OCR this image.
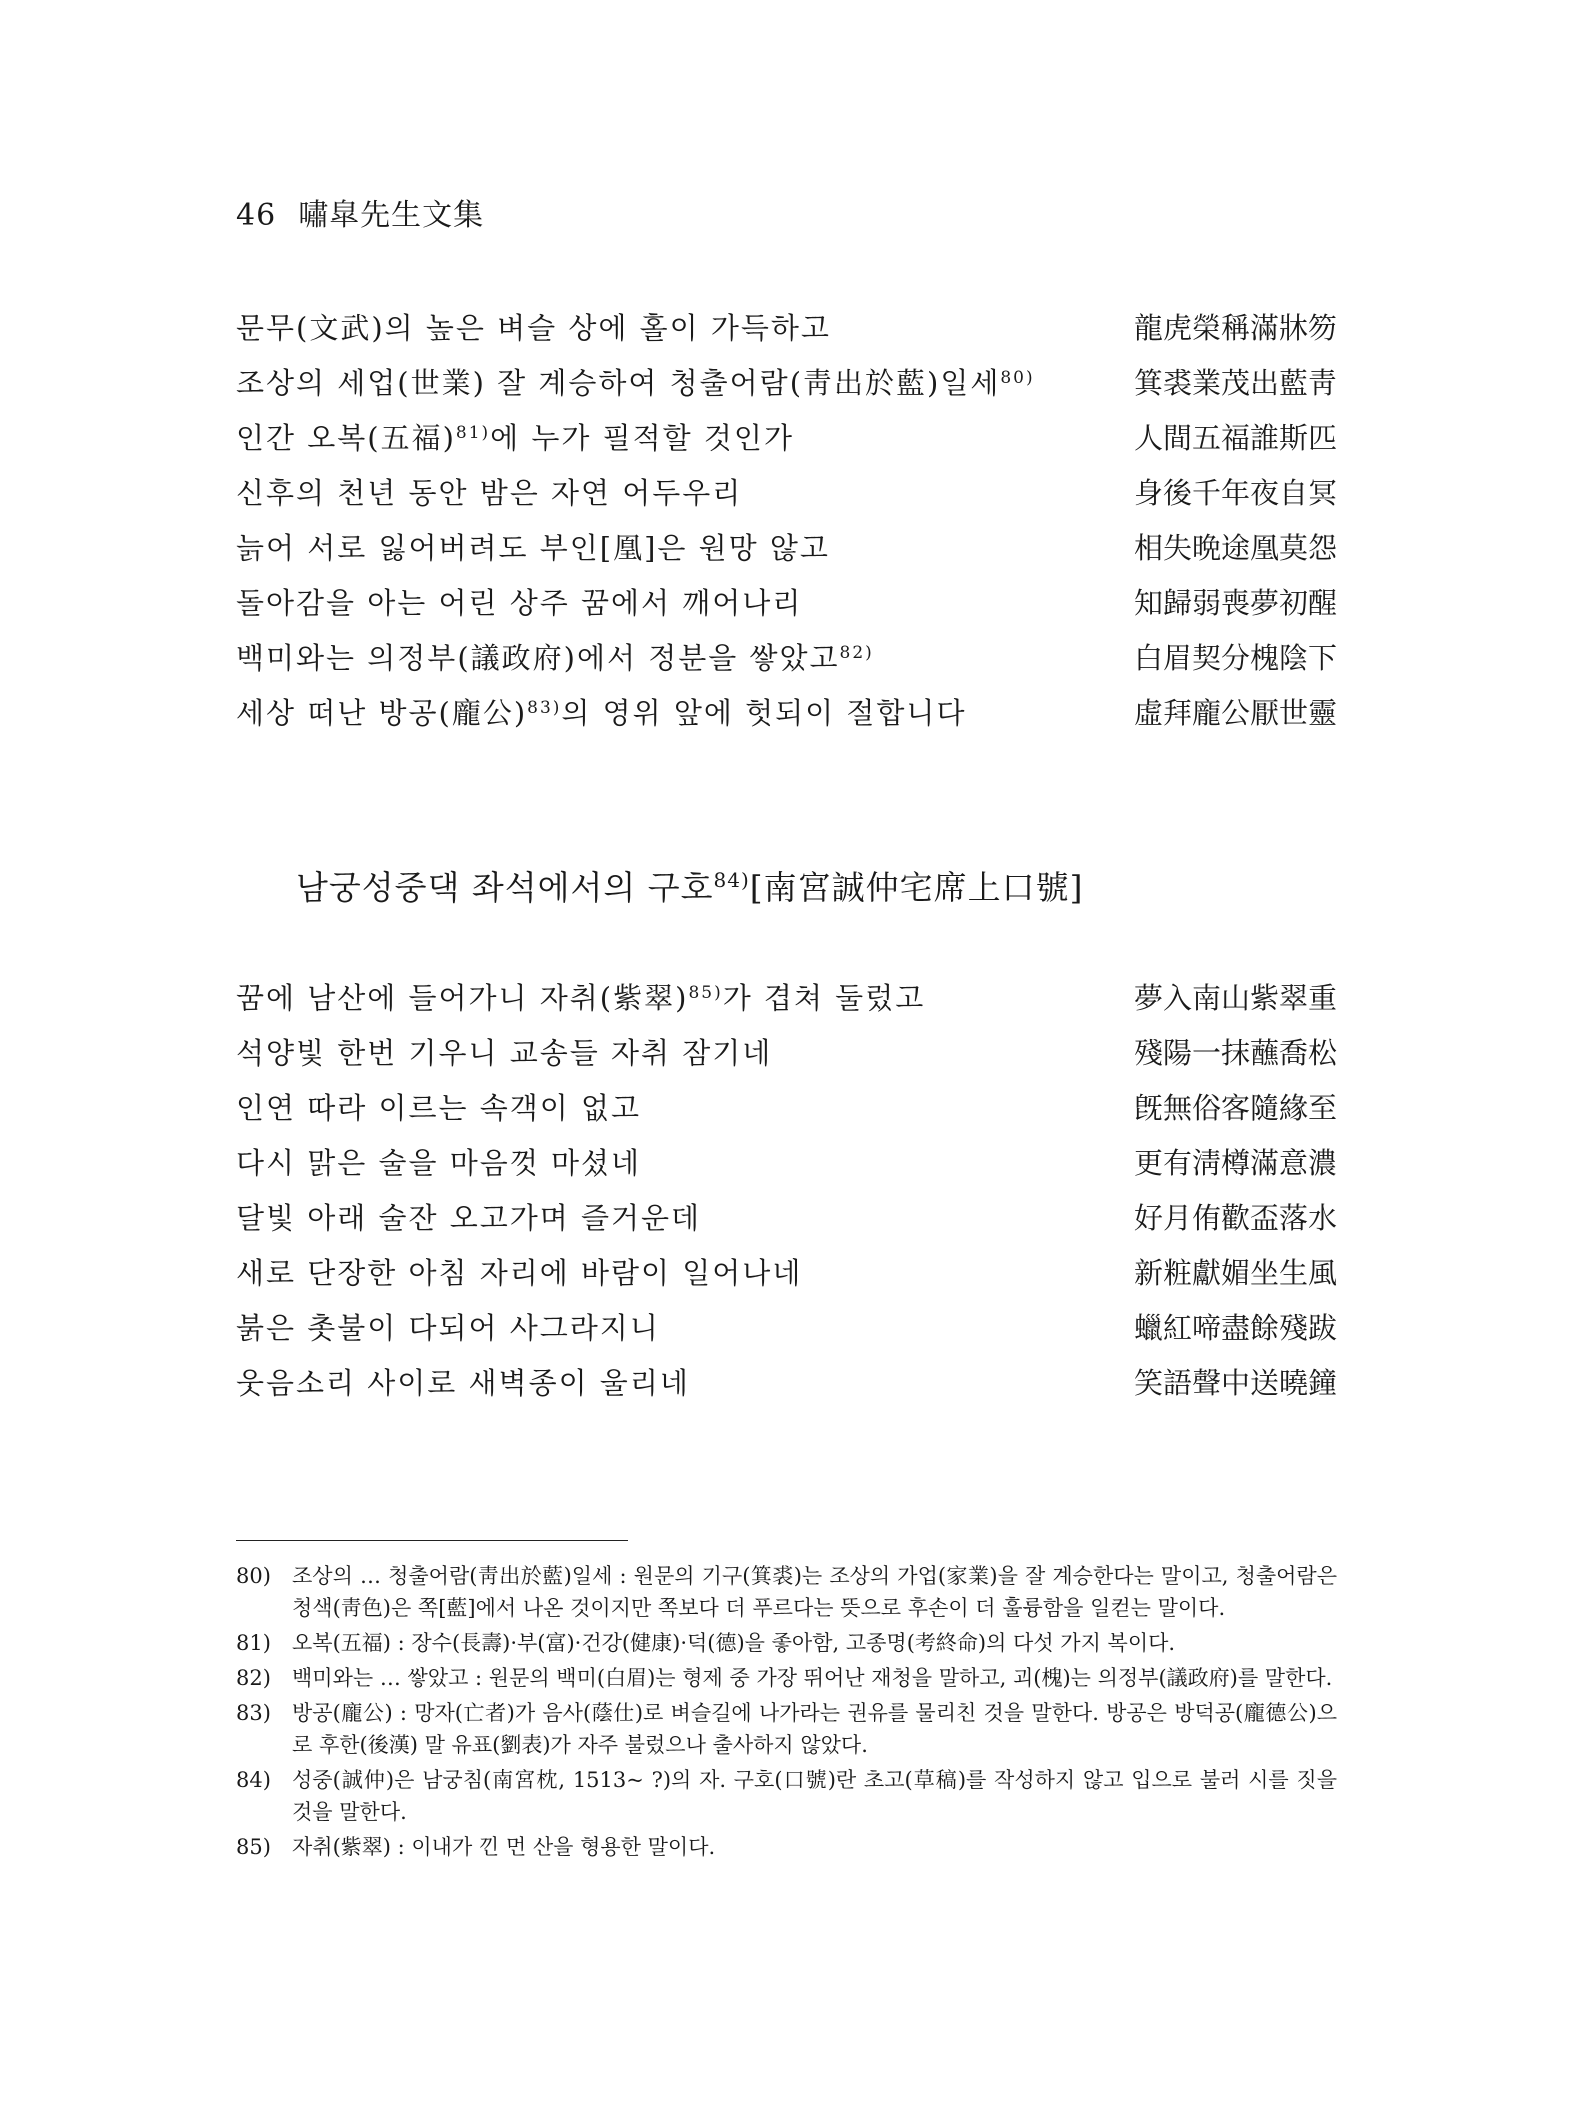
46 嘯皐先生文集
문무(文武)의 높은 벼슬 상에 홀이 가득하고	龍虎榮稱滿牀笏
조상의 세업(世業) 잘 계승하여 청출어람(靑出於藍)일세$^{80)}$	箕裘業茂出藍靑
인간 오복(五福)$^{81)}$에 누가 필적할 것인가	人間五福誰斯匹
신후의 천년 동안 밤은 자연 어두우리	身後千年夜自冥
늙어 서로 잃어버려도 부인[凰]은 원망 않고	相失晩途凰莫怨
돌아감을 아는 어린 상주 꿈에서 깨어나리	知歸弱喪夢初醒
백미와는 의정부(議政府)에서 정분을 쌓았고$^{82)}$	白眉契分槐陰下
세상 떠난 방공(龐公)$^{83)}$의 영위 앞에 헛되이 절합니다	虛拜龐公厭世靈
남궁성중댁 좌석에서의 구호$^{84)}$[南宮誠仲宅席上口號]
꿈에 남산에 들어가니 자취(紫翠)$^{85)}$가 겹쳐 둘렀고	夢入南山紫翠重
석양빛 한번 기우니 교송들 자취 잠기네	殘陽一抹蘸喬松
인연 따라 이르는 속객이 없고	旣無俗客隨緣至
다시 맑은 술을 마음껏 마셨네	更有淸樽滿意濃
달빛 아래 술잔 오고가며 즐거운데	好月侑歡盃落水
새로 단장한 아침 자리에 바람이 일어나네	新粧獻媚坐生風
붉은 촛불이 다되어 사그라지니	蠟紅啼盡餘殘跋
웃음소리 사이로 새벽종이 울리네	笑語聲中送曉鐘
80)	조상의 … 청출어람(靑出於藍)일세 : 원문의 기구(箕裘)는 조상의 가업(家業)을 잘 계승한다는 말이고, 청출어람은 청색(靑色)은 쪽[藍]에서 나온 것이지만 쪽보다 더 푸르다는 뜻으로 후손이 더 훌륭함을 일컫는 말이다.
81)	오복(五福) : 장수(長壽)·부(富)·건강(健康)·덕(德)을 좋아함, 고종명(考終命)의 다섯 가지 복이다.
82)	백미와는 … 쌓았고 : 원문의 백미(白眉)는 형제 중 가장 뛰어난 재청을 말하고, 괴(槐)는 의정부(議政府)를 말한다.
83)	방공(龐公) : 망자(亡者)가 음사(蔭仕)로 벼슬길에 나가라는 권유를 물리친 것을 말한다. 방공은 방덕공(龐德公)으로 후한(後漢) 말 유표(劉表)가 자주 불렀으나 출사하지 않았다.
84)	성중(誠仲)은 남궁침(南宮枕, 1513~ ?)의 자. 구호(口號)란 초고(草稿)를 작성하지 않고 입으로 불러 시를 짓을 것을 말한다.
85)	자취(紫翠) : 이내가 낀 먼 산을 형용한 말이다.
